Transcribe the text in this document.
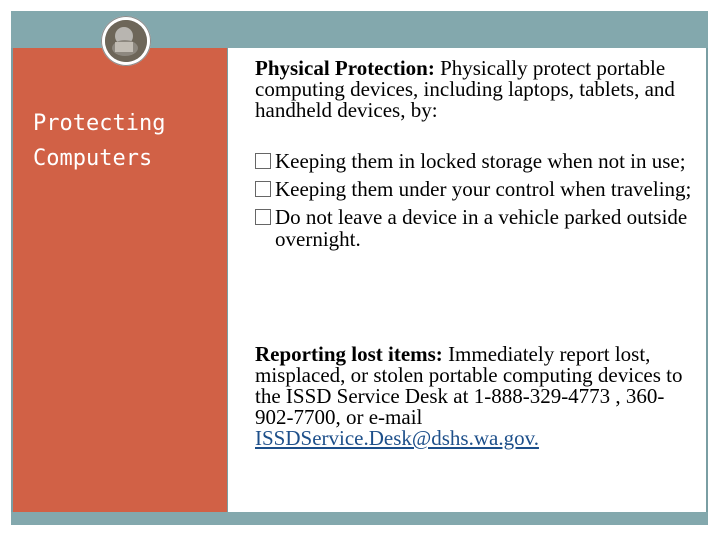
Protecting
Computers
Physical Protection: Physically protect portable computing devices, including laptops, tablets, and handheld devices, by:
Keeping them in locked storage when not in use;
Keeping them under your control when traveling;
Do not leave a device in a vehicle parked outside overnight.
Reporting lost items: Immediately report lost, misplaced, or stolen portable computing devices to the ISSD Service Desk at 1-888-329-4773 , 360-902-7700, or e-mail ISSDService.Desk@dshs.wa.gov.
